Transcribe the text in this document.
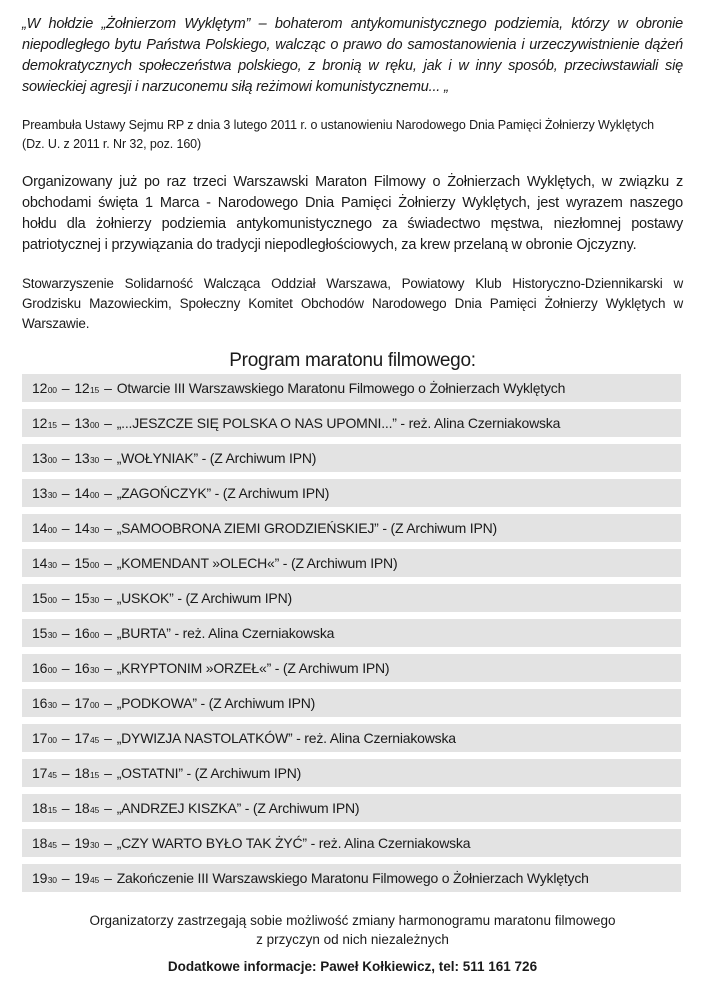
„W hołdzie „Żołnierzom Wyklętym” – bohaterom antykomunistycznego podziemia, którzy w obronie niepodległego bytu Państwa Polskiego, walcząc o prawo do samostanowienia i urzeczywistnienie dążeń demokratycznych społeczeństwa polskiego, z bronią w ręku, jak i w inny sposób, przeciwstawiali się sowieckiej agresji i narzuconemu siłą reżimowi komunistycznemu... „

Preambuła Ustawy Sejmu RP z dnia 3 lutego 2011 r. o ustanowieniu Narodowego Dnia Pamięci Żołnierzy Wyklętych
(Dz. U. z 2011 r. Nr 32, poz. 160)

Organizowany już po raz trzeci Warszawski Maraton Filmowy o Żołnierzach Wyklętych, w związku z obchodami święta 1 Marca - Narodowego Dnia Pamięci Żołnierzy Wyklętych, jest wyrazem naszego hołdu dla żołnierzy podziemia antykomunistycznego za świadectwo męstwa, niezłomnej postawy patriotycznej i przywiązania do tradycji niepodległościowych, za krew przelaną w obronie Ojczyzny.

Stowarzyszenie Solidarność Walcząca Oddział Warszawa, Powiatowy Klub Historyczno-Dziennikarski w Grodzisku Mazowieckim, Społeczny Komitet Obchodów Narodowego Dnia Pamięci Żołnierzy Wyklętych w Warszawie.

Program maratonu filmowego:
12 00 – 12 15 – Otwarcie III Warszawskiego Maratonu Filmowego o Żołnierzach Wyklętych
12 15 – 13 00 – „...JESZCZE SIĘ POLSKA O NAS UPOMNI...” - reż. Alina Czerniakowska
13 00 – 13 30 – „WOŁYNIAK” - (Z Archiwum IPN)
13 30 – 14 00 – „ZAGOŃCZYK” - (Z Archiwum IPN)
14 00 – 14 30 – „SAMOOBRONA ZIEMI GRODZIEŃSKIEJ” - (Z Archiwum IPN)
14 30 – 15 00 – „KOMENDANT »OLECH«” - (Z Archiwum IPN)
15 00 – 15 30 – „USKOK” - (Z Archiwum IPN)
15 30 – 16 00 – „BURTA” - reż. Alina Czerniakowska
16 00 – 16 30 – „KRYPTONIM »ORZEŁ«” - (Z Archiwum IPN)
16 30 – 17 00 – „PODKOWA” - (Z Archiwum IPN)
17 00 – 17 45 – „DYWIZJA NASTOLATKÓW” - reż. Alina Czerniakowska
17 45 – 18 15 – „OSTATNI” - (Z Archiwum IPN)
18 15 – 18 45 – „ANDRZEJ KISZKA” - (Z Archiwum IPN)
18 45 – 19 30 – „CZY WARTO BYŁO TAK ŻYĆ” - reż. Alina Czerniakowska
19 30 – 19 45 – Zakończenie III Warszawskiego Maratonu Filmowego o Żołnierzach Wyklętych
Organizatorzy zastrzegają sobie możliwość zmiany harmonogramu maratonu filmowego
z przyczyn od nich niezależnych
Dodatkowe informacje: Paweł Kołkiewicz, tel: 511 161 726
